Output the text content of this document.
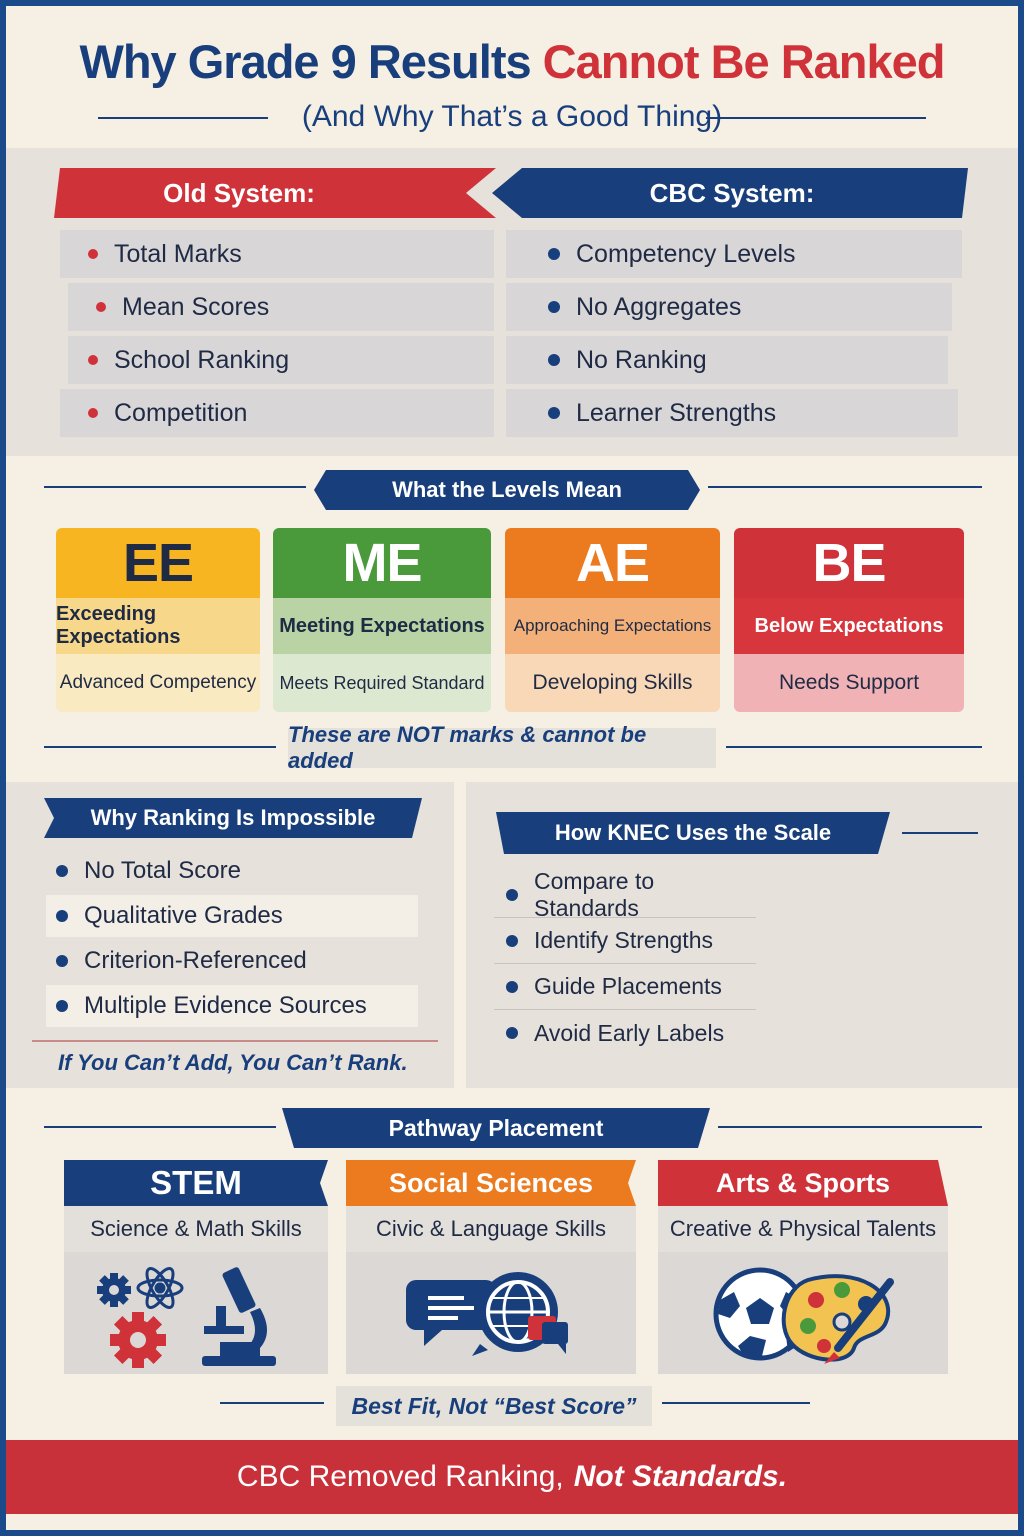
Why Grade 9 Results Cannot Be Ranked
(And Why That’s a Good Thing)
Old System:	CBC System:
Total Marks
Mean Scores
School Ranking
Competition
Competency Levels
No Aggregates
No Ranking
Learner Strengths
What the Levels Mean
EE
Exceeding Expectations
Advanced Competency
ME
Meeting Expectations
Meets Required Standard
AE
Approaching Expectations
Developing Skills
BE
Below Expectations
Needs Support
These are NOT marks & cannot be added
Why Ranking Is Impossible
No Total Score
Qualitative Grades
Criterion-Referenced
Multiple Evidence Sources
If You Can’t Add, You Can’t Rank.
How KNEC Uses the Scale
Compare to Standards
Identify Strengths
Guide Placements
Avoid Early Labels
Pathway Placement
STEM
Science & Math Skills
Social Sciences
Civic & Language Skills
Arts & Sports
Creative & Physical Talents
Best Fit, Not “Best Score”
CBC Removed Ranking, Not Standards.
